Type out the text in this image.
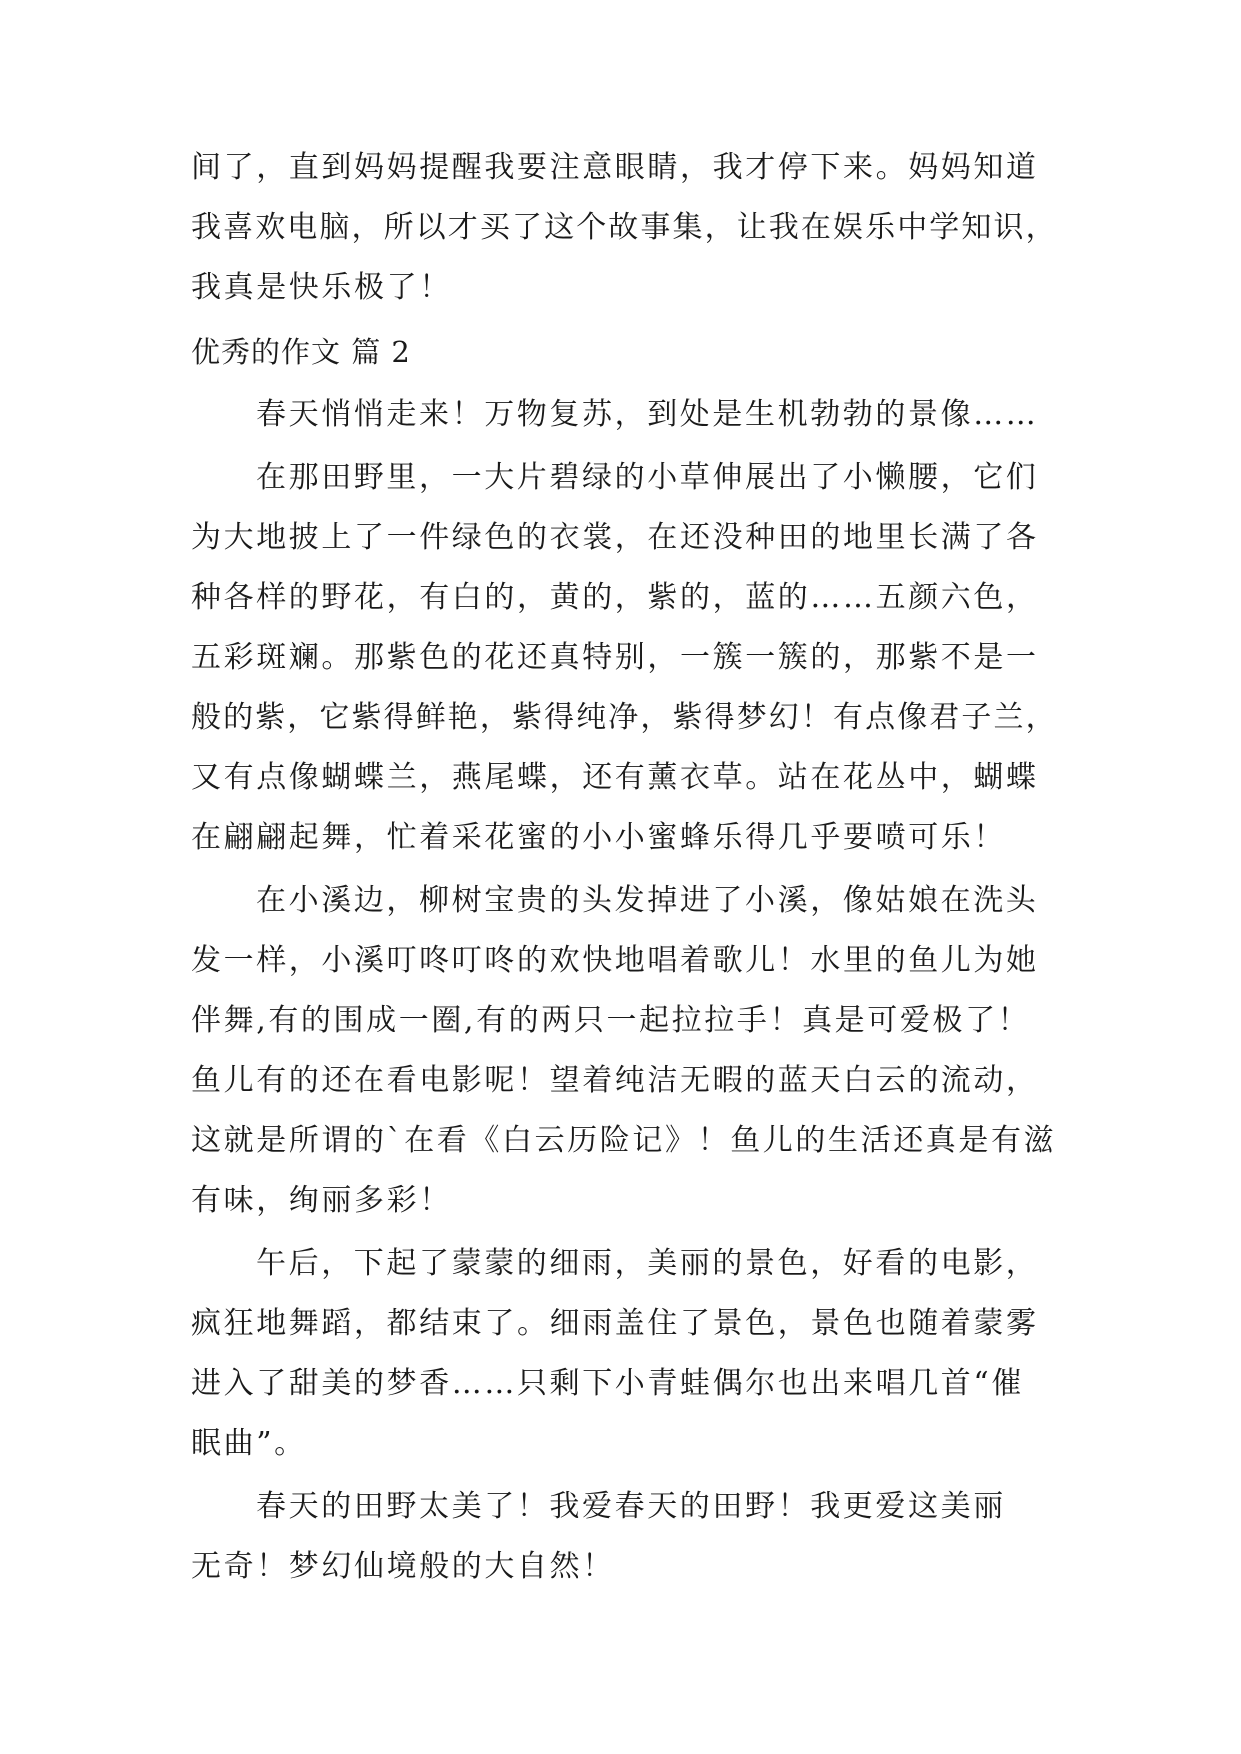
间了，直到妈妈提醒我要注意眼睛，我才停下来。妈妈知道
我喜欢电脑，所以才买了这个故事集，让我在娱乐中学知识，
我真是快乐极了！
优秀的作文 篇 2
春天悄悄走来！万物复苏，到处是生机勃勃的景像……
在那田野里，一大片碧绿的小草伸展出了小懒腰，它们
为大地披上了一件绿色的衣裳，在还没种田的地里长满了各
种各样的野花，有白的，黄的，紫的，蓝的……五颜六色，
五彩斑斓。那紫色的花还真特别，一簇一簇的，那紫不是一
般的紫，它紫得鲜艳，紫得纯净，紫得梦幻！有点像君子兰，
又有点像蝴蝶兰，燕尾蝶，还有薰衣草。站在花丛中，蝴蝶
在翩翩起舞，忙着采花蜜的小小蜜蜂乐得几乎要喷可乐！
在小溪边，柳树宝贵的头发掉进了小溪，像姑娘在洗头
发一样，小溪叮咚叮咚的欢快地唱着歌儿！水里的鱼儿为她
伴舞,有的围成一圈,有的两只一起拉拉手！真是可爱极了！
鱼儿有的还在看电影呢！望着纯洁无暇的蓝天白云的流动，
这就是所谓的`在看《白云历险记》！鱼儿的生活还真是有滋
有味，绚丽多彩！
午后，下起了蒙蒙的细雨，美丽的景色，好看的电影，
疯狂地舞蹈，都结束了。细雨盖住了景色，景色也随着蒙雾
进入了甜美的梦香……只剩下小青蛙偶尔也出来唱几首“催
眠曲”。
春天的田野太美了！我爱春天的田野！我更爱这美丽
无奇！梦幻仙境般的大自然！
